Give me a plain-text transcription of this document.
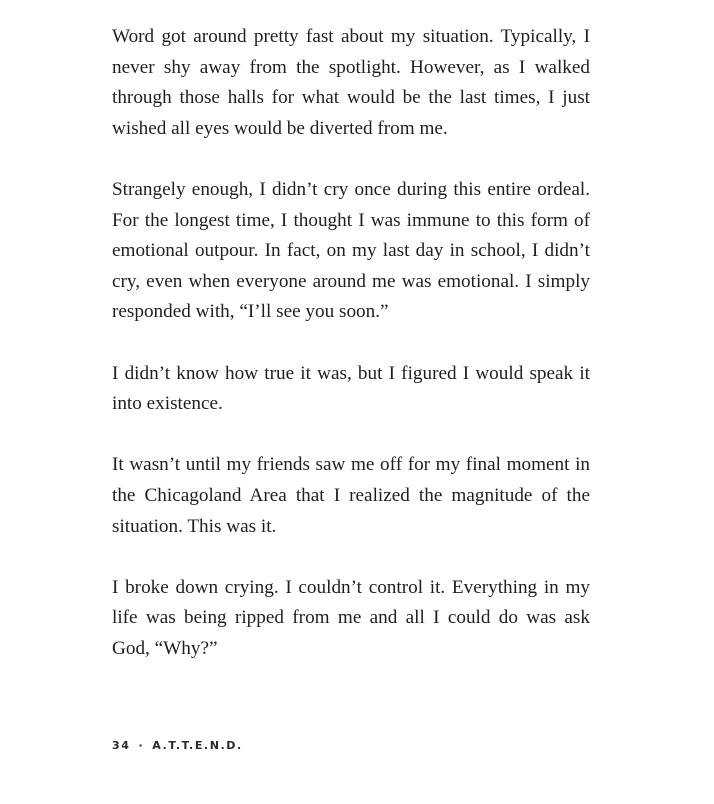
Word got around pretty fast about my situation. Typically, I never shy away from the spotlight. However, as I walked through those halls for what would be the last times, I just wished all eyes would be diverted from me.

Strangely enough, I didn’t cry once during this entire ordeal. For the longest time, I thought I was immune to this form of emotional outpour. In fact, on my last day in school, I didn’t cry, even when everyone around me was emotional. I simply responded with, “I’ll see you soon.”

I didn’t know how true it was, but I figured I would speak it into existence.

It wasn’t until my friends saw me off for my final moment in the Chicagoland Area that I realized the magnitude of the situation. This was it.

I broke down crying. I couldn’t control it. Everything in my life was being ripped from me and all I could do was ask God, “Why?”

34 · A.T.T.E.N.D.
